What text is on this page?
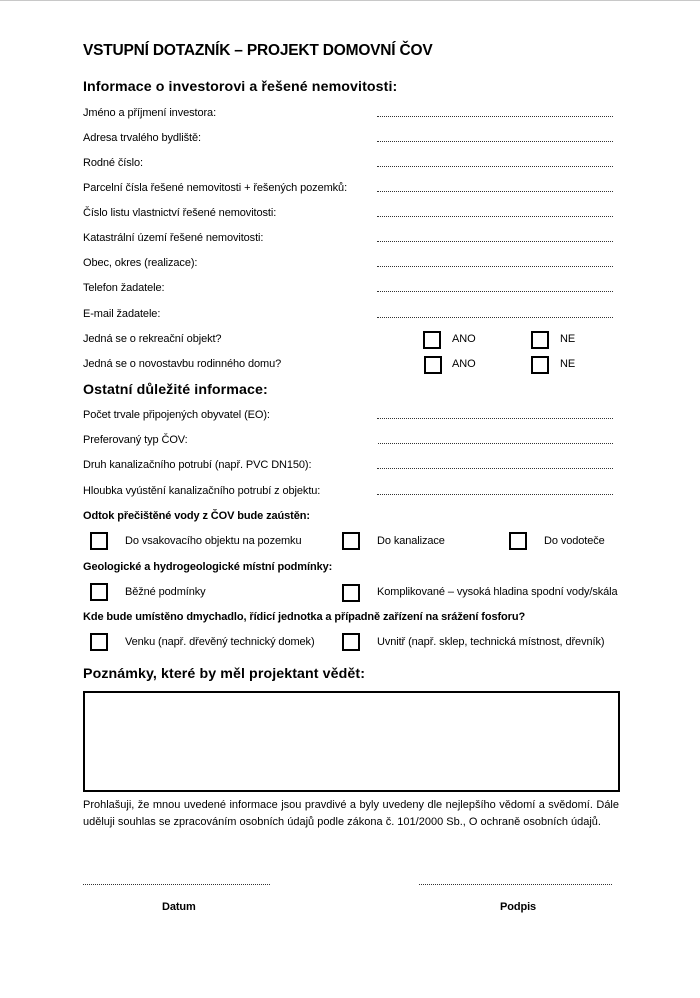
VSTUPNÍ DOTAZNÍK – PROJEKT DOMOVNÍ ČOV
Informace o investorovi a řešené nemovitosti:
Jméno a příjmení investora:
Adresa trvalého bydliště:
Rodné číslo:
Parcelní čísla řešené nemovitosti + řešených pozemků:
Číslo listu vlastnictví řešené nemovitosti:
Katastrální území řešené nemovitosti:
Obec, okres (realizace):
Telefon žadatele:
E-mail žadatele:
Jedná se o rekreační objekt?	ANO	NE
Jedná se o novostavbu rodinného domu?	ANO	NE
Ostatní důležité informace:
Počet trvale připojených obyvatel (EO):
Preferovaný typ ČOV:
Druh kanalizačního potrubí (např. PVC DN150):
Hloubka vyústění kanalizačního potrubí z objektu:
Odtok přečištěné vody z ČOV bude zaústěn:
Do vsakovacího objektu na pozemku	Do kanalizace	Do vodoteče
Geologické a hydrogeologické místní podmínky:
Běžné podmínky	Komplikované – vysoká hladina spodní vody/skála
Kde bude umístěno dmychadlo, řídicí jednotka a případně zařízení na srážení fosforu?
Venku (např. dřevěný technický domek)	Uvnitř (např. sklep, technická místnost, dřevník)
Poznámky, které by měl projektant vědět:
Prohlašuji, že mnou uvedené informace jsou pravdivé a byly uvedeny dle nejlepšího vědomí a svědomí. Dále uděluji souhlas se zpracováním osobních údajů podle zákona č. 101/2000 Sb., O ochraně osobních údajů.
Datum	Podpis
